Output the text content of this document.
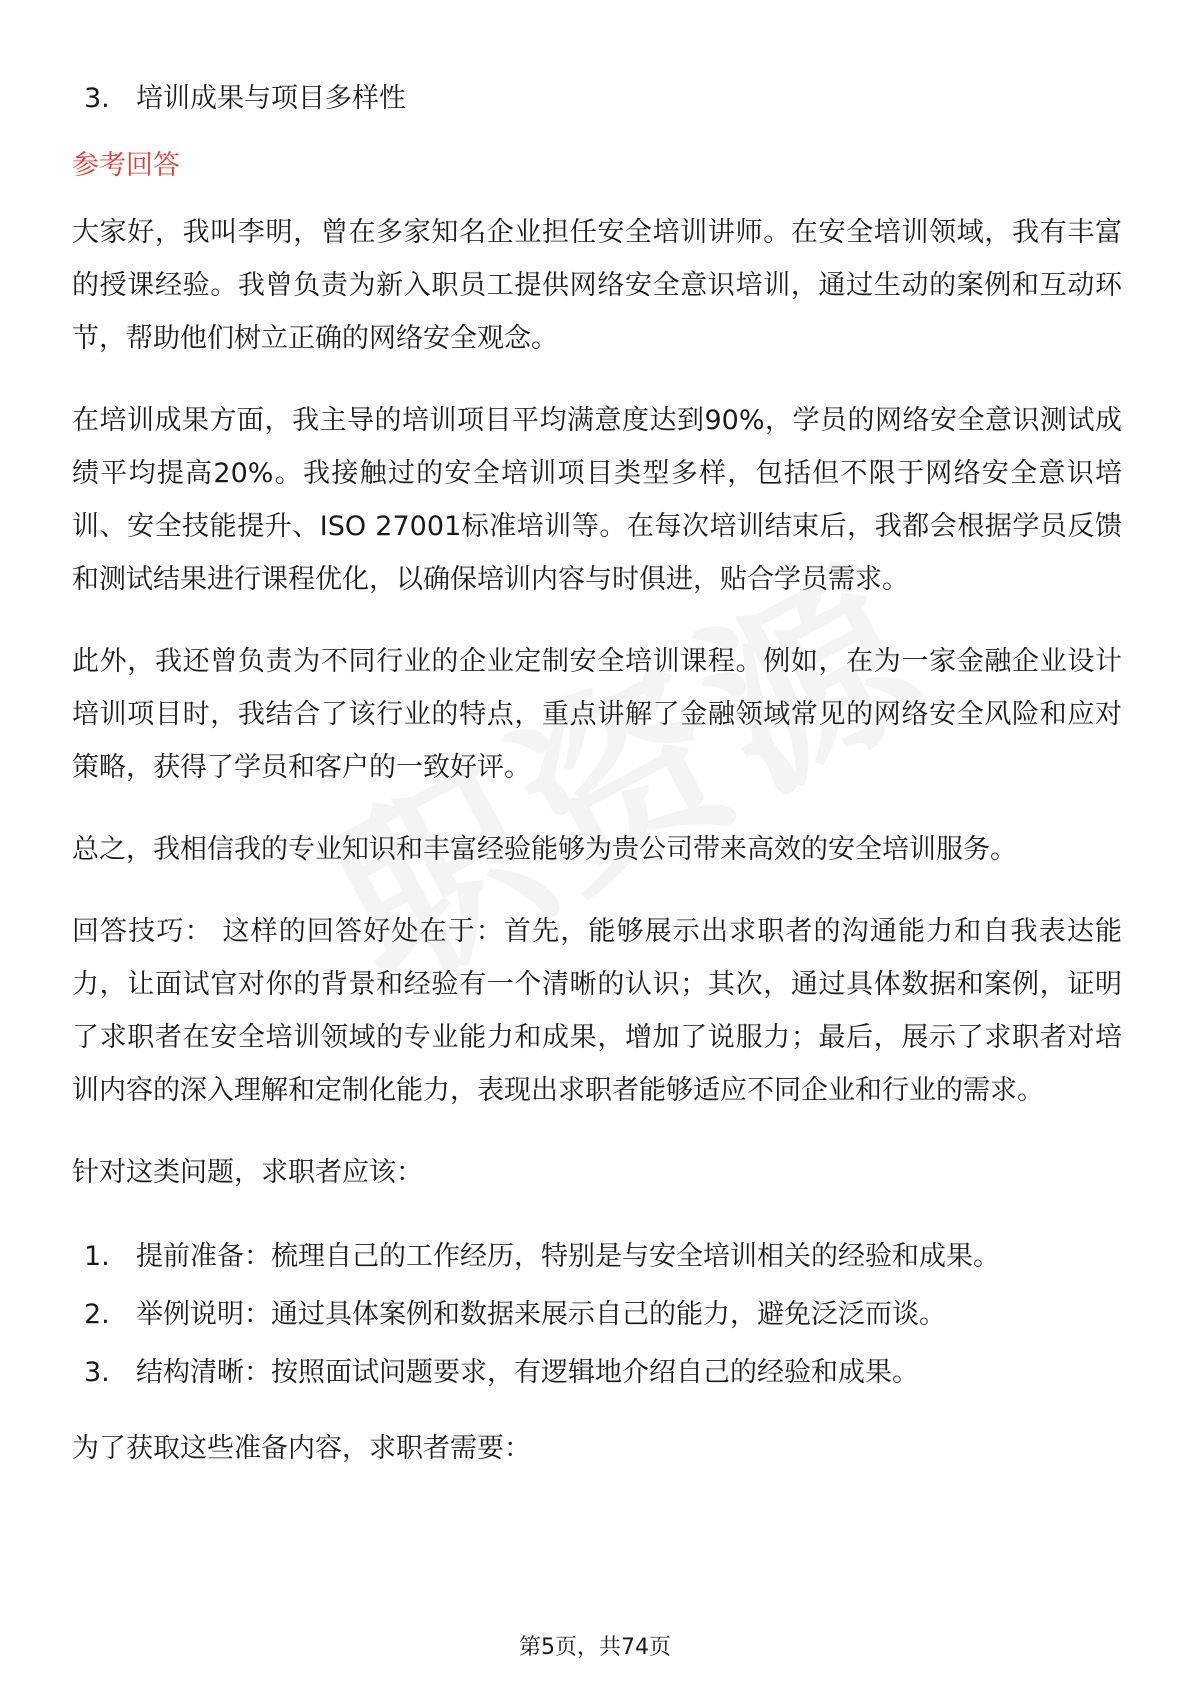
3. 培训成果与项目多样性
参考回答

大家好，我叫李明，曾在多家知名企业担任安全培训讲师。在安全培训领域，我有丰富的授课经验。我曾负责为新入职员工提供网络安全意识培训，通过生动的案例和互动环节，帮助他们树立正确的网络安全观念。

在培训成果方面，我主导的培训项目平均满意度达到90%，学员的网络安全意识测试成绩平均提高20%。我接触过的安全培训项目类型多样，包括但不限于网络安全意识培训、安全技能提升、ISO 27001标准培训等。在每次培训结束后，我都会根据学员反馈和测试结果进行课程优化，以确保培训内容与时俱进，贴合学员需求。

此外，我还曾负责为不同行业的企业定制安全培训课程。例如，在为一家金融企业设计培训项目时，我结合了该行业的特点，重点讲解了金融领域常见的网络安全风险和应对策略，获得了学员和客户的一致好评。

总之，我相信我的专业知识和丰富经验能够为贵公司带来高效的安全培训服务。

回答技巧： 这样的回答好处在于：首先，能够展示出求职者的沟通能力和自我表达能力，让面试官对你的背景和经验有一个清晰的认识；其次，通过具体数据和案例，证明了求职者在安全培训领域的专业能力和成果，增加了说服力；最后，展示了求职者对培训内容的深入理解和定制化能力，表现出求职者能够适应不同企业和行业的需求。

针对这类问题，求职者应该：

1. 提前准备：梳理自己的工作经历，特别是与安全培训相关的经验和成果。
2. 举例说明：通过具体案例和数据来展示自己的能力，避免泛泛而谈。
3. 结构清晰：按照面试问题要求，有逻辑地介绍自己的经验和成果。

为了获取这些准备内容，求职者需要：

第5页，共74页
